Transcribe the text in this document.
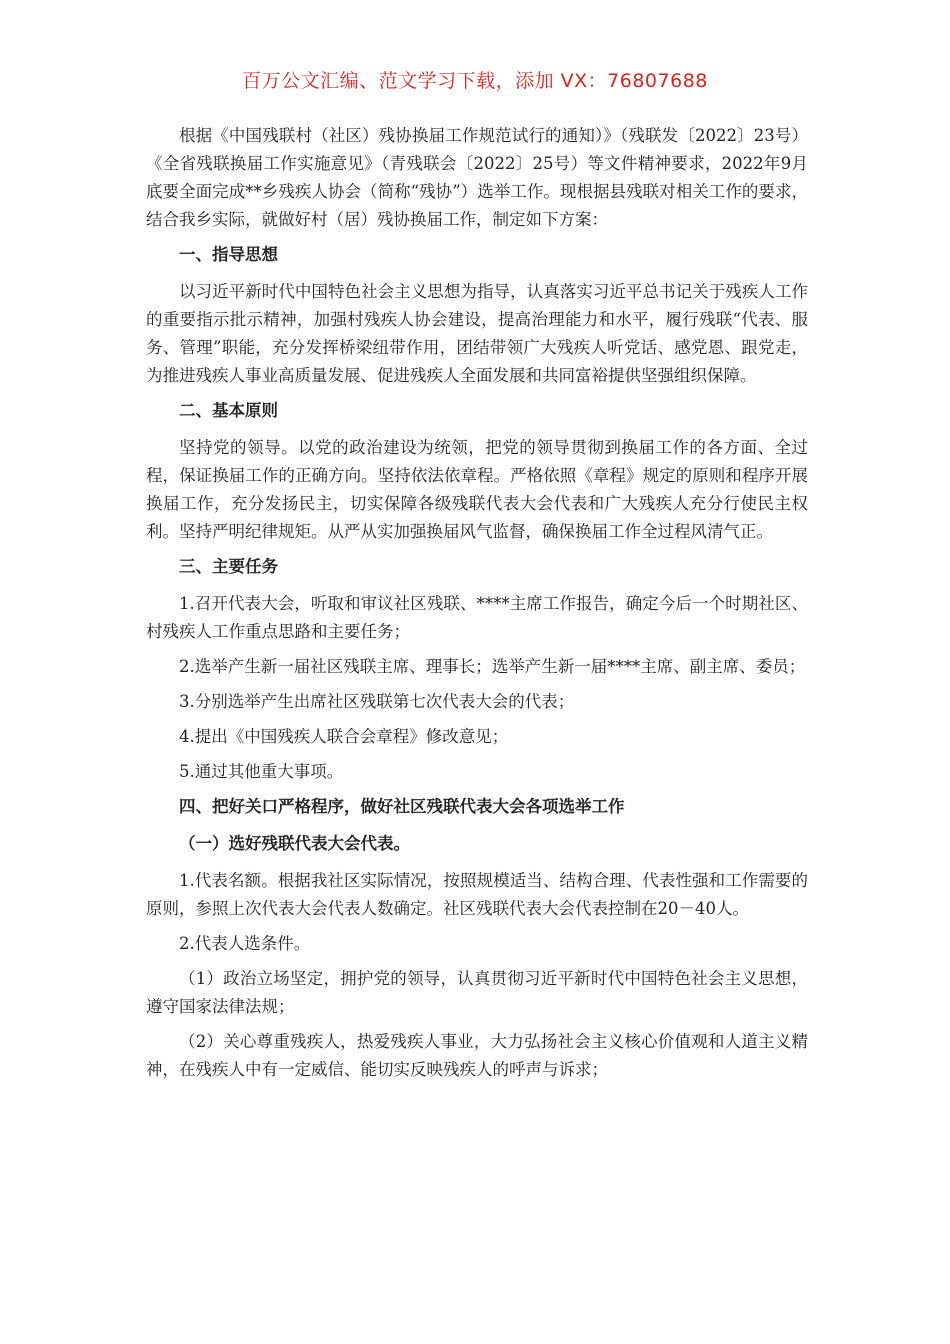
百万公文汇编、范文学习下载，添加 VX：76807688

根据《中国残联村（社区）残协换届工作规范试行的通知）》（残联发〔2022〕23号）《全省残联换届工作实施意见》（青残联会〔2022〕25号）等文件精神要求，2022年9月底要全面完成**乡残疾人协会（简称“残协”）选举工作。现根据县残联对相关工作的要求，结合我乡实际，就做好村（居）残协换届工作，制定如下方案：

一、指导思想

以习近平新时代中国特色社会主义思想为指导，认真落实习近平总书记关于残疾人工作的重要指示批示精神，加强村残疾人协会建设，提高治理能力和水平，履行残联“代表、服务、管理”职能，充分发挥桥梁纽带作用，团结带领广大残疾人听党话、感党恩、跟党走，为推进残疾人事业高质量发展、促进残疾人全面发展和共同富裕提供坚强组织保障。

二、基本原则

坚持党的领导。以党的政治建设为统领，把党的领导贯彻到换届工作的各方面、全过程，保证换届工作的正确方向。坚持依法依章程。严格依照《章程》规定的原则和程序开展换届工作，充分发扬民主，切实保障各级残联代表大会代表和广大残疾人充分行使民主权利。坚持严明纪律规矩。从严从实加强换届风气监督，确保换届工作全过程风清气正。

三、主要任务

1.召开代表大会，听取和审议社区残联、****主席工作报告，确定今后一个时期社区、村残疾人工作重点思路和主要任务；

2.选举产生新一届社区残联主席、理事长；选举产生新一届****主席、副主席、委员；

3.分别选举产生出席社区残联第七次代表大会的代表；

4.提出《中国残疾人联合会章程》修改意见；

5.通过其他重大事项。

四、把好关口严格程序，做好社区残联代表大会各项选举工作

（一）选好残联代表大会代表。

1.代表名额。根据我社区实际情况，按照规模适当、结构合理、代表性强和工作需要的原则，参照上次代表大会代表人数确定。社区残联代表大会代表控制在20－40人。

2.代表人选条件。

（1）政治立场坚定，拥护党的领导，认真贯彻习近平新时代中国特色社会主义思想，遵守国家法律法规；

（2）关心尊重残疾人，热爱残疾人事业，大力弘扬社会主义核心价值观和人道主义精神，在残疾人中有一定威信、能切实反映残疾人的呼声与诉求；
